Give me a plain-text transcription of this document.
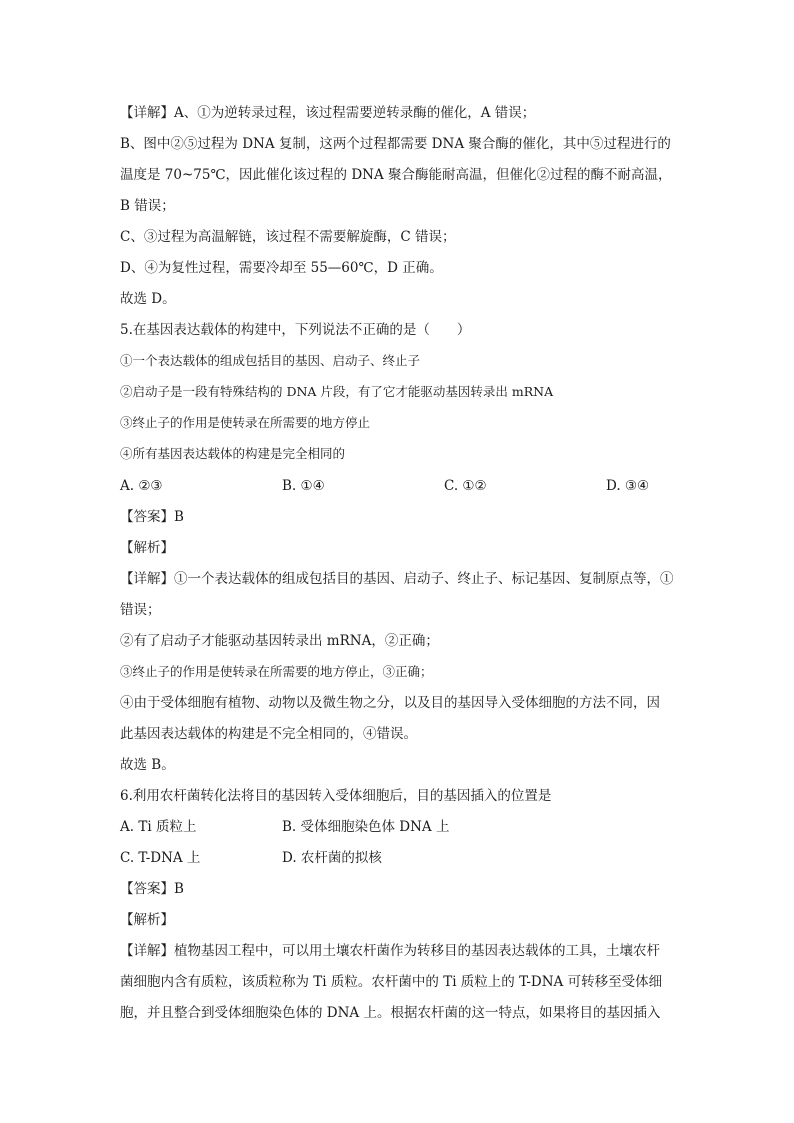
【详解】A、①为逆转录过程，该过程需要逆转录酶的催化，A 错误；
B、图中②⑤过程为 DNA 复制，这两个过程都需要 DNA 聚合酶的催化，其中⑤过程进行的
温度是 70~75℃，因此催化该过程的 DNA 聚合酶能耐高温，但催化②过程的酶不耐高温，
B 错误；
C、③过程为高温解链，该过程不需要解旋酶，C 错误；
D、④为复性过程，需要冷却至 55—60℃，D 正确。
故选 D。
5.在基因表达载体的构建中，下列说法不正确的是（　　）
①一个表达载体的组成包括目的基因、启动子、终止子
②启动子是一段有特殊结构的 DNA 片段，有了它才能驱动基因转录出 mRNA
③终止子的作用是使转录在所需要的地方停止
④所有基因表达载体的构建是完全相同的
A. ②③	B. ①④	C. ①②	D. ③④
【答案】B
【解析】
【详解】①一个表达载体的组成包括目的基因、启动子、终止子、标记基因、复制原点等，①
错误；
②有了启动子才能驱动基因转录出 mRNA，②正确；
③终止子的作用是使转录在所需要的地方停止，③正确；
④由于受体细胞有植物、动物以及微生物之分，以及目的基因导入受体细胞的方法不同，因
此基因表达载体的构建是不完全相同的，④错误。
故选 B。
6.利用农杆菌转化法将目的基因转入受体细胞后，目的基因插入的位置是
A. Ti 质粒上	B. 受体细胞染色体 DNA 上
C. T-DNA 上	D. 农杆菌的拟核
【答案】B
【解析】
【详解】植物基因工程中，可以用土壤农杆菌作为转移目的基因表达载体的工具，土壤农杆
菌细胞内含有质粒，该质粒称为 Ti 质粒。农杆菌中的 Ti 质粒上的 T-DNA 可转移至受体细
胞，并且整合到受体细胞染色体的 DNA 上。根据农杆菌的这一特点，如果将目的基因插入
